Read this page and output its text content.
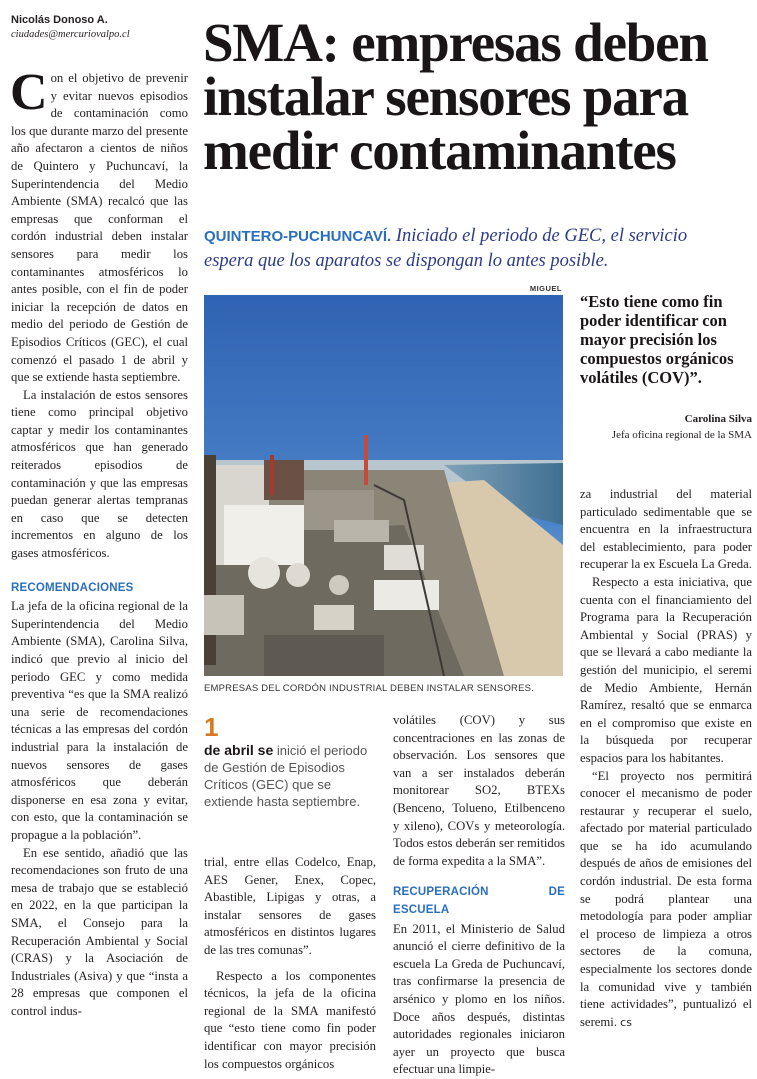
Nicolás Donoso A.
ciudades@mercuriovalpo.cl	SMA: empresas deben
instalar sensores para
medir contaminantes
QUINTERO-PUCHUNCAVÍ. Iniciado el periodo de GEC, el servicio
espera que los aparatos se dispongan lo antes posible.
MIGUEL
EMPRESAS DEL CORDÓN INDUSTRIAL DEBEN INSTALAR SENSORES.
“Esto tiene como fin poder identificar con mayor precisión los compuestos orgánicos volátiles (COV)”.
Carolina Silva
Jefa oficina regional de la SMA

Con el objetivo de prevenir y evitar nuevos episodios de contaminación como los que durante marzo del presente año afectaron a cientos de niños de Quintero y Puchuncaví, la Superintendencia del Medio Ambiente (SMA) recalcó que las empresas que conforman el cordón industrial deben instalar sensores para medir los contaminantes atmosféricos lo antes posible, con el fin de poder iniciar la recepción de datos en medio del periodo de Gestión de Episodios Críticos (GEC), el cual comenzó el pasado 1 de abril y que se extiende hasta septiembre.

La instalación de estos sensores tiene como principal objetivo captar y medir los contaminantes atmosféricos que han generado reiterados episodios de contaminación y que las empresas puedan generar alertas tempranas en caso que se detecten incrementos en alguno de los gases atmosféricos.

RECOMENDACIONES

La jefa de la oficina regional de la Superintendencia del Medio Ambiente (SMA), Carolina Silva, indicó que previo al inicio del periodo GEC y como medida preventiva “es que la SMA realizó una serie de recomendaciones técnicas a las empresas del cordón industrial para la instalación de nuevos sensores de gases atmosféricos que deberán disponerse en esa zona y evitar, con esto, que la contaminación se propague a la población”.

En ese sentido, añadió que las recomendaciones son fruto de una mesa de trabajo que se estableció en 2022, en la que participan la SMA, el Consejo para la Recuperación Ambiental y Social (CRAS) y la Asociación de Industriales (Asiva) y que “insta a 28 empresas que componen el control indus-

1
de abril se inició el periodo de Gestión de Episodios Críticos (GEC) que se extiende hasta septiembre.

trial, entre ellas Codelco, Enap, AES Gener, Enex, Copec, Abastible, Lipigas y otras, a instalar sensores de gases atmosféricos en distintos lugares de las tres comunas”.

Respecto a los componentes técnicos, la jefa de la oficina regional de la SMA manifestó que “esto tiene como fin poder identificar con mayor precisión los compuestos orgánicos

volátiles (COV) y sus concentraciones en las zonas de observación. Los sensores que van a ser instalados deberán monitorear SO2, BTEXs (Benceno, Tolueno, Etilbenceno y xileno), COVs y meteorología. Todos estos deberán ser remitidos de forma expedita a la SMA”.

RECUPERACIÓN DE ESCUELA

En 2011, el Ministerio de Salud anunció el cierre definitivo de la escuela La Greda de Puchuncaví, tras confirmarse la presencia de arsénico y plomo en los niños. Doce años después, distintas autoridades regionales iniciaron ayer un proyecto que busca efectuar una limpie-

za industrial del material particulado sedimentable que se encuentra en la infraestructura del establecimiento, para poder recuperar la ex Escuela La Greda.

Respecto a esta iniciativa, que cuenta con el financiamiento del Programa para la Recuperación Ambiental y Social (PRAS) y que se llevará a cabo mediante la gestión del municipio, el seremi de Medio Ambiente, Hernán Ramírez, resaltó que se enmarca en el compromiso que existe en la búsqueda por recuperar espacios para los habitantes.

“El proyecto nos permitirá conocer el mecanismo de poder restaurar y recuperar el suelo, afectado por material particulado que se ha ido acumulando después de años de emisiones del cordón industrial. De esta forma se podrá plantear una metodología para poder ampliar el proceso de limpieza a otros sectores de la comuna, especialmente los sectores donde la comunidad vive y también tiene actividades”, puntualizó el seremi. cs
